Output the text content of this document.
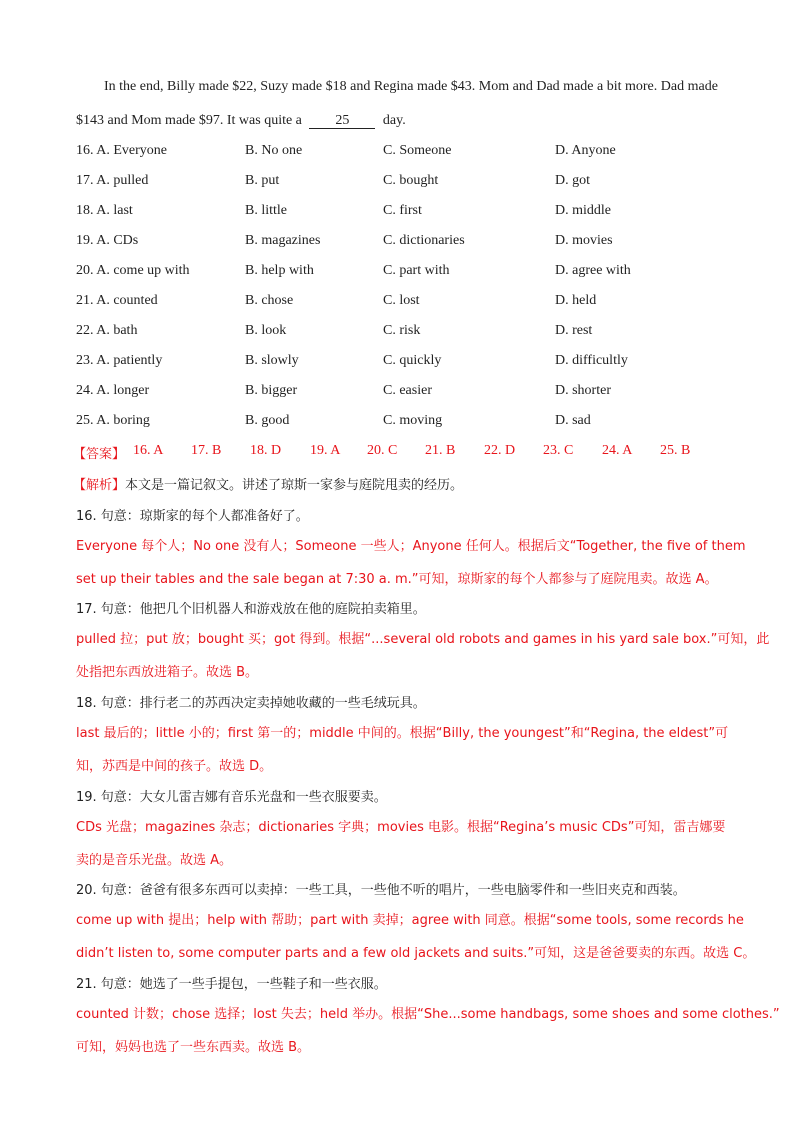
In the end, Billy made $22, Suzy made $18 and Regina made $43. Mom and Dad made a bit more. Dad made
$143 and Mom made $97. It was quite a 25 day.
16. A. Everyone	B. No one	C. Someone	D. Anyone
17. A. pulled	B. put	C. bought	D. got
18. A. last	B. little	C. first	D. middle
19. A. CDs	B. magazines	C. dictionaries	D. movies
20. A. come up with	B. help with	C. part with	D. agree with
21. A. counted	B. chose	C. lost	D. held
22. A. bath	B. look	C. risk	D. rest
23. A. patiently	B. slowly	C. quickly	D. difficultly
24. A. longer	B. bigger	C. easier	D. shorter
25. A. boring	B. good	C. moving	D. sad
【答案】 16. A 17. B 18. D 19. A 20. C 21. B 22. D 23. C 24. A 25. B
【解析】本文是一篇记叙文。讲述了琼斯一家参与庭院甩卖的经历。
16. 句意：琼斯家的每个人都准备好了。
Everyone 每个人；No one 没有人；Someone 一些人；Anyone 任何人。根据后文“Together, the five of them
set up their tables and the sale began at 7:30 a. m.”可知，琼斯家的每个人都参与了庭院甩卖。故选 A。
17. 句意：他把几个旧机器人和游戏放在他的庭院拍卖箱里。
pulled 拉；put 放；bought 买；got 得到。根据“...several old robots and games in his yard sale box.”可知，此
处指把东西放进箱子。故选 B。
18. 句意：排行老二的苏西决定卖掉她收藏的一些毛绒玩具。
last 最后的；little 小的；first 第一的；middle 中间的。根据“Billy, the youngest”和“Regina, the eldest”可
知，苏西是中间的孩子。故选 D。
19. 句意：大女儿雷吉娜有音乐光盘和一些衣服要卖。
CDs 光盘；magazines 杂志；dictionaries 字典；movies 电影。根据“Regina’s music CDs”可知，雷吉娜要
卖的是音乐光盘。故选 A。
20. 句意：爸爸有很多东西可以卖掉：一些工具，一些他不听的唱片，一些电脑零件和一些旧夹克和西装。
come up with 提出；help with 帮助；part with 卖掉；agree with 同意。根据“some tools, some records he
didn’t listen to, some computer parts and a few old jackets and suits.”可知，这是爸爸要卖的东西。故选 C。
21. 句意：她选了一些手提包，一些鞋子和一些衣服。
counted 计数；chose 选择；lost 失去；held 举办。根据“She...some handbags, some shoes and some clothes.”
可知，妈妈也选了一些东西卖。故选 B。
